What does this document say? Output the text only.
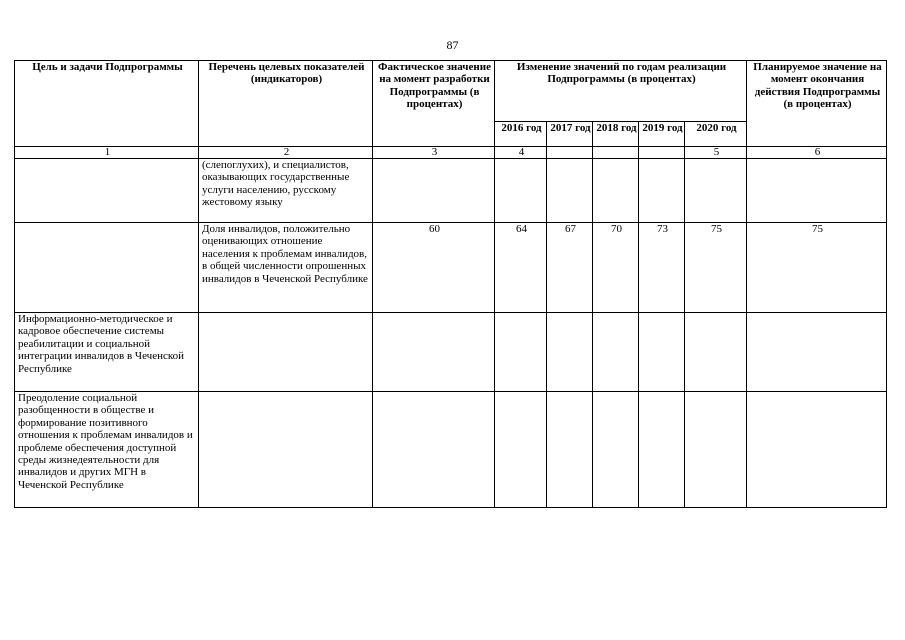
87
Цель и задачи Подпрограммы	Перечень целевых показателей (индикаторов)	Фактическое значение на момент разработки Подпрограммы (в процентах)	Изменение значений по годам реализации Подпрограммы (в процентах)					Планируемое значение на момент окончания действия Подпрограммы (в процентах)
			2016 год	2017 год	2018 год	2019 год	2020 год	
1	2	3	4				5	6
	(слепоглухих), и специалистов, оказывающих государственные услуги населению, русскому жестовому языку							
	Доля инвалидов, положительно оценивающих отношение населения к проблемам инвалидов, в общей численности опрошенных инвалидов в Чеченской Республике	60	64	67	70	73	75	75
Информационно-методическое и кадровое обеспечение системы реабилитации и социальной интеграции инвалидов в Чеченской Республике								
Преодоление социальной разобщенности в обществе и формирование позитивного отношения к проблемам инвалидов и проблеме обеспечения доступной среды жизнедеятельности для инвалидов и других МГН в Чеченской Республике								
